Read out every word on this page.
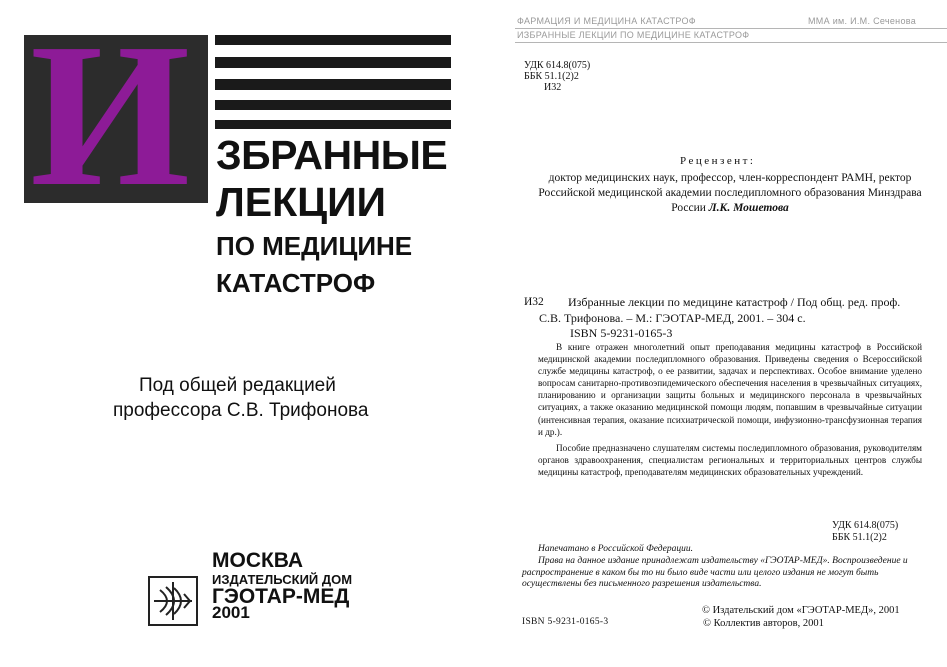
И ЗБРАННЫЕ
ЛЕКЦИИ
ПО МЕДИЦИНЕ
КАТАСТРОФ
Под общей редакцией
профессора С.В. Трифонова
МОСКВА
ИЗДАТЕЛЬСКИЙ ДОМ
ГЭОТАР-МЕД
2001
ФАРМАЦИЯ И МЕДИЦИНА КАТАСТРОФ	ММА им. И.М. Сеченова
ИЗБРАННЫЕ ЛЕКЦИИ ПО МЕДИЦИНЕ КАТАСТРОФ
УДК 614.8(075)
ББК 51.1(2)2
И32
Рецензент:
доктор медицинских наук, профессор, член-корреспондент РАМН, ректор Российской медицинской академии последипломного образования Минздрава России Л.К. Мошетова
И32	Избранные лекции по медицине катастроф / Под общ. ред. проф.
С.В. Трифонова. – М.: ГЭОТАР-МЕД, 2001. – 304 с.
ISBN 5-9231-0165-3

В книге отражен многолетний опыт преподавания медицины катастроф в Российской медицинской академии последипломного образования. Приведены сведения о Всероссийской службе медицины катастроф, о ее развитии, задачах и перспективах. Особое внимание уделено вопросам санитарно-противоэпидемического обеспечения населения в чрезвычайных ситуациях, планированию и организации защиты больных и медицинского персонала в чрезвычайных ситуациях, а также оказанию медицинской помощи людям, попавшим в чрезвычайные ситуации (интенсивная терапия, оказание психиатрической помощи, инфузионно-трансфузионная терапия и др.).

Пособие предназначено слушателям системы последипломного образования, руководителям органов здравоохранения, специалистам региональных и территориальных центров службы медицины катастроф, преподавателям медицинских образовательных учреждений.

УДК 614.8(075)
ББК 51.1(2)2
Напечатано в Российской Федерации.

Права на данное издание принадлежат издательству «ГЭОТАР-МЕД». Воспроизведение и распространение в каком бы то ни было виде части или целого издания не могут быть осуществлены без письменного разрешения издательства.

ISBN 5-9231-0165-3
© Издательский дом «ГЭОТАР-МЕД», 2001
© Коллектив авторов, 2001
